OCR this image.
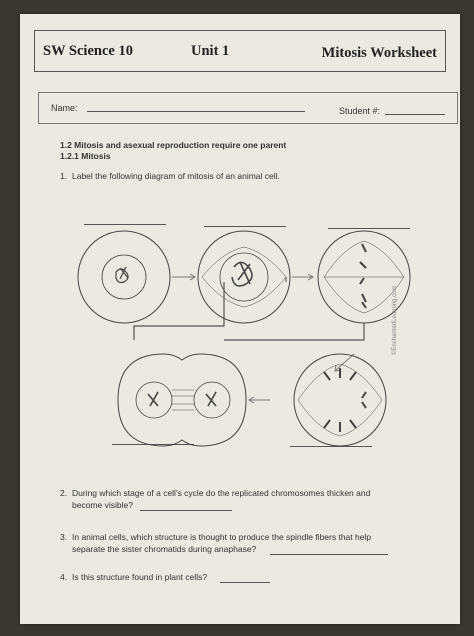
SW Science 10	Unit 1	Mitosis Worksheet
Name:	Student #:
1.2 Mitosis and asexual reproduction require one parent
1.2.1 Mitosis
1. Label the following diagram of mitosis of an animal cell.
©EnchantedLearning.com
2. During which stage of a cell's cycle do the replicated chromosomes thicken and
become visible?
3. In animal cells, which structure is thought to produce the spindle fibers that help
separate the sister chromatids during anaphase?
4. Is this structure found in plant cells?
